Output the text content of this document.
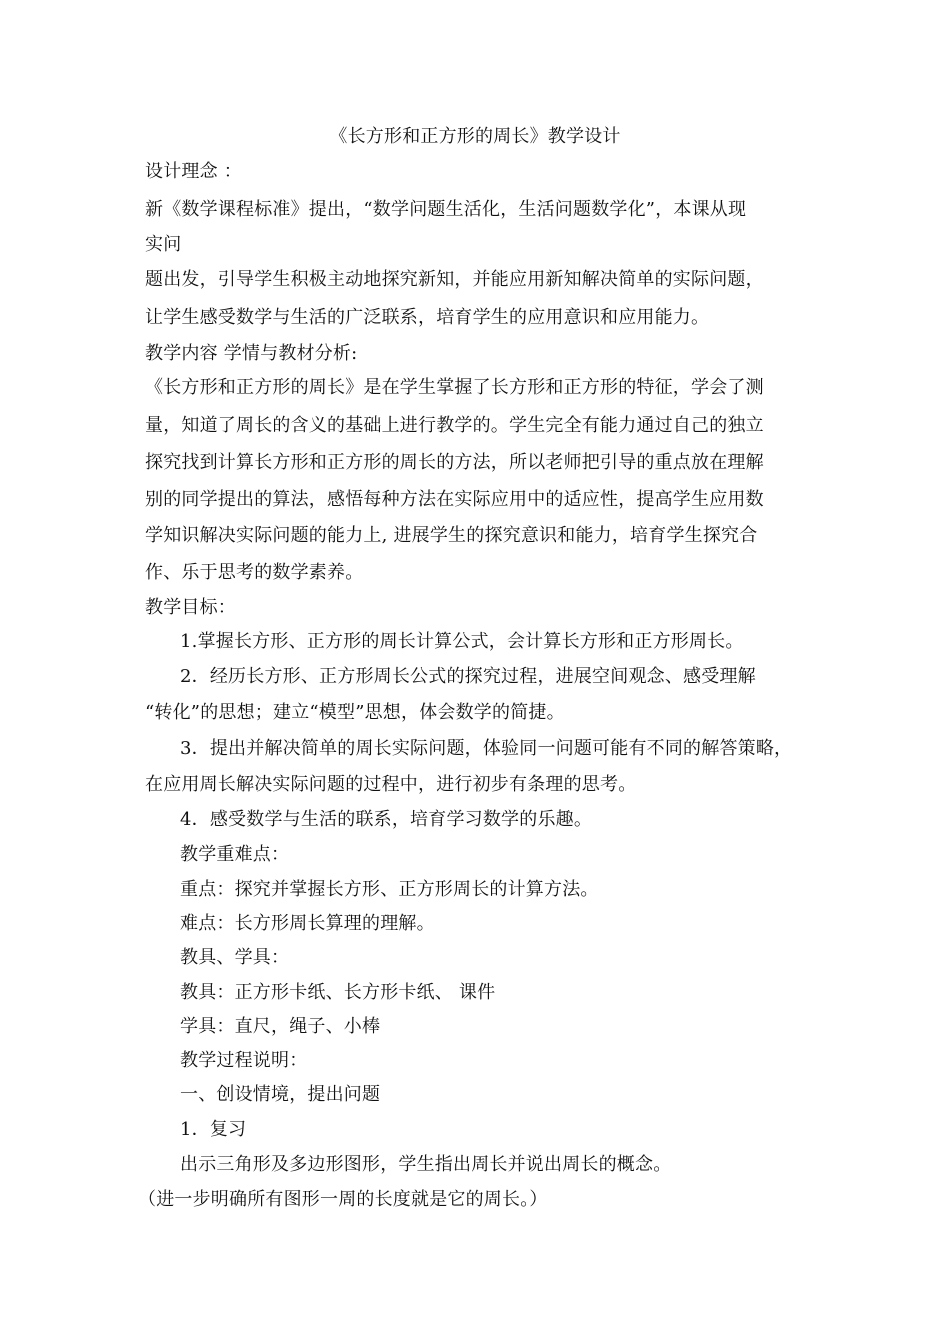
《长方形和正方形的周长》教学设计
设计理念 ：
新《数学课程标准》提出，“数学问题生活化，生活问题数学化”，本课从现
实问
题出发，引导学生积极主动地探究新知，并能应用新知解决简单的实际问题，
让学生感受数学与生活的广泛联系，培育学生的应用意识和应用能力。
教学内容 学情与教材分析:
《长方形和正方形的周长》是在学生掌握了长方形和正方形的特征，学会了测
量，知道了周长的含义的基础上进行教学的。学生完全有能力通过自己的独立
探究找到计算长方形和正方形的周长的方法，所以老师把引导的重点放在理解
别的同学提出的算法，感悟每种方法在实际应用中的适应性，提高学生应用数
学知识解决实际问题的能力上, 进展学生的探究意识和能力，培育学生探究合
作、乐于思考的数学素养。
教学目标：
1.掌握长方形、正方形的周长计算公式，会计算长方形和正方形周长。
2．经历长方形、正方形周长公式的探究过程，进展空间观念、感受理解
“转化”的思想；建立“模型”思想，体会数学的简捷。
3．提出并解决简单的周长实际问题，体验同一问题可能有不同的解答策略，
在应用周长解决实际问题的过程中，进行初步有条理的思考。
4．感受数学与生活的联系，培育学习数学的乐趣。
教学重难点：
重点：探究并掌握长方形、正方形周长的计算方法。
难点：长方形周长算理的理解。
教具、学具：
教具：正方形卡纸、长方形卡纸、 课件
学具：直尺，绳子、小棒
教学过程说明：
一、创设情境，提出问题
1．复习
出示三角形及多边形图形，学生指出周长并说出周长的概念。
（进一步明确所有图形一周的长度就是它的周长。）
